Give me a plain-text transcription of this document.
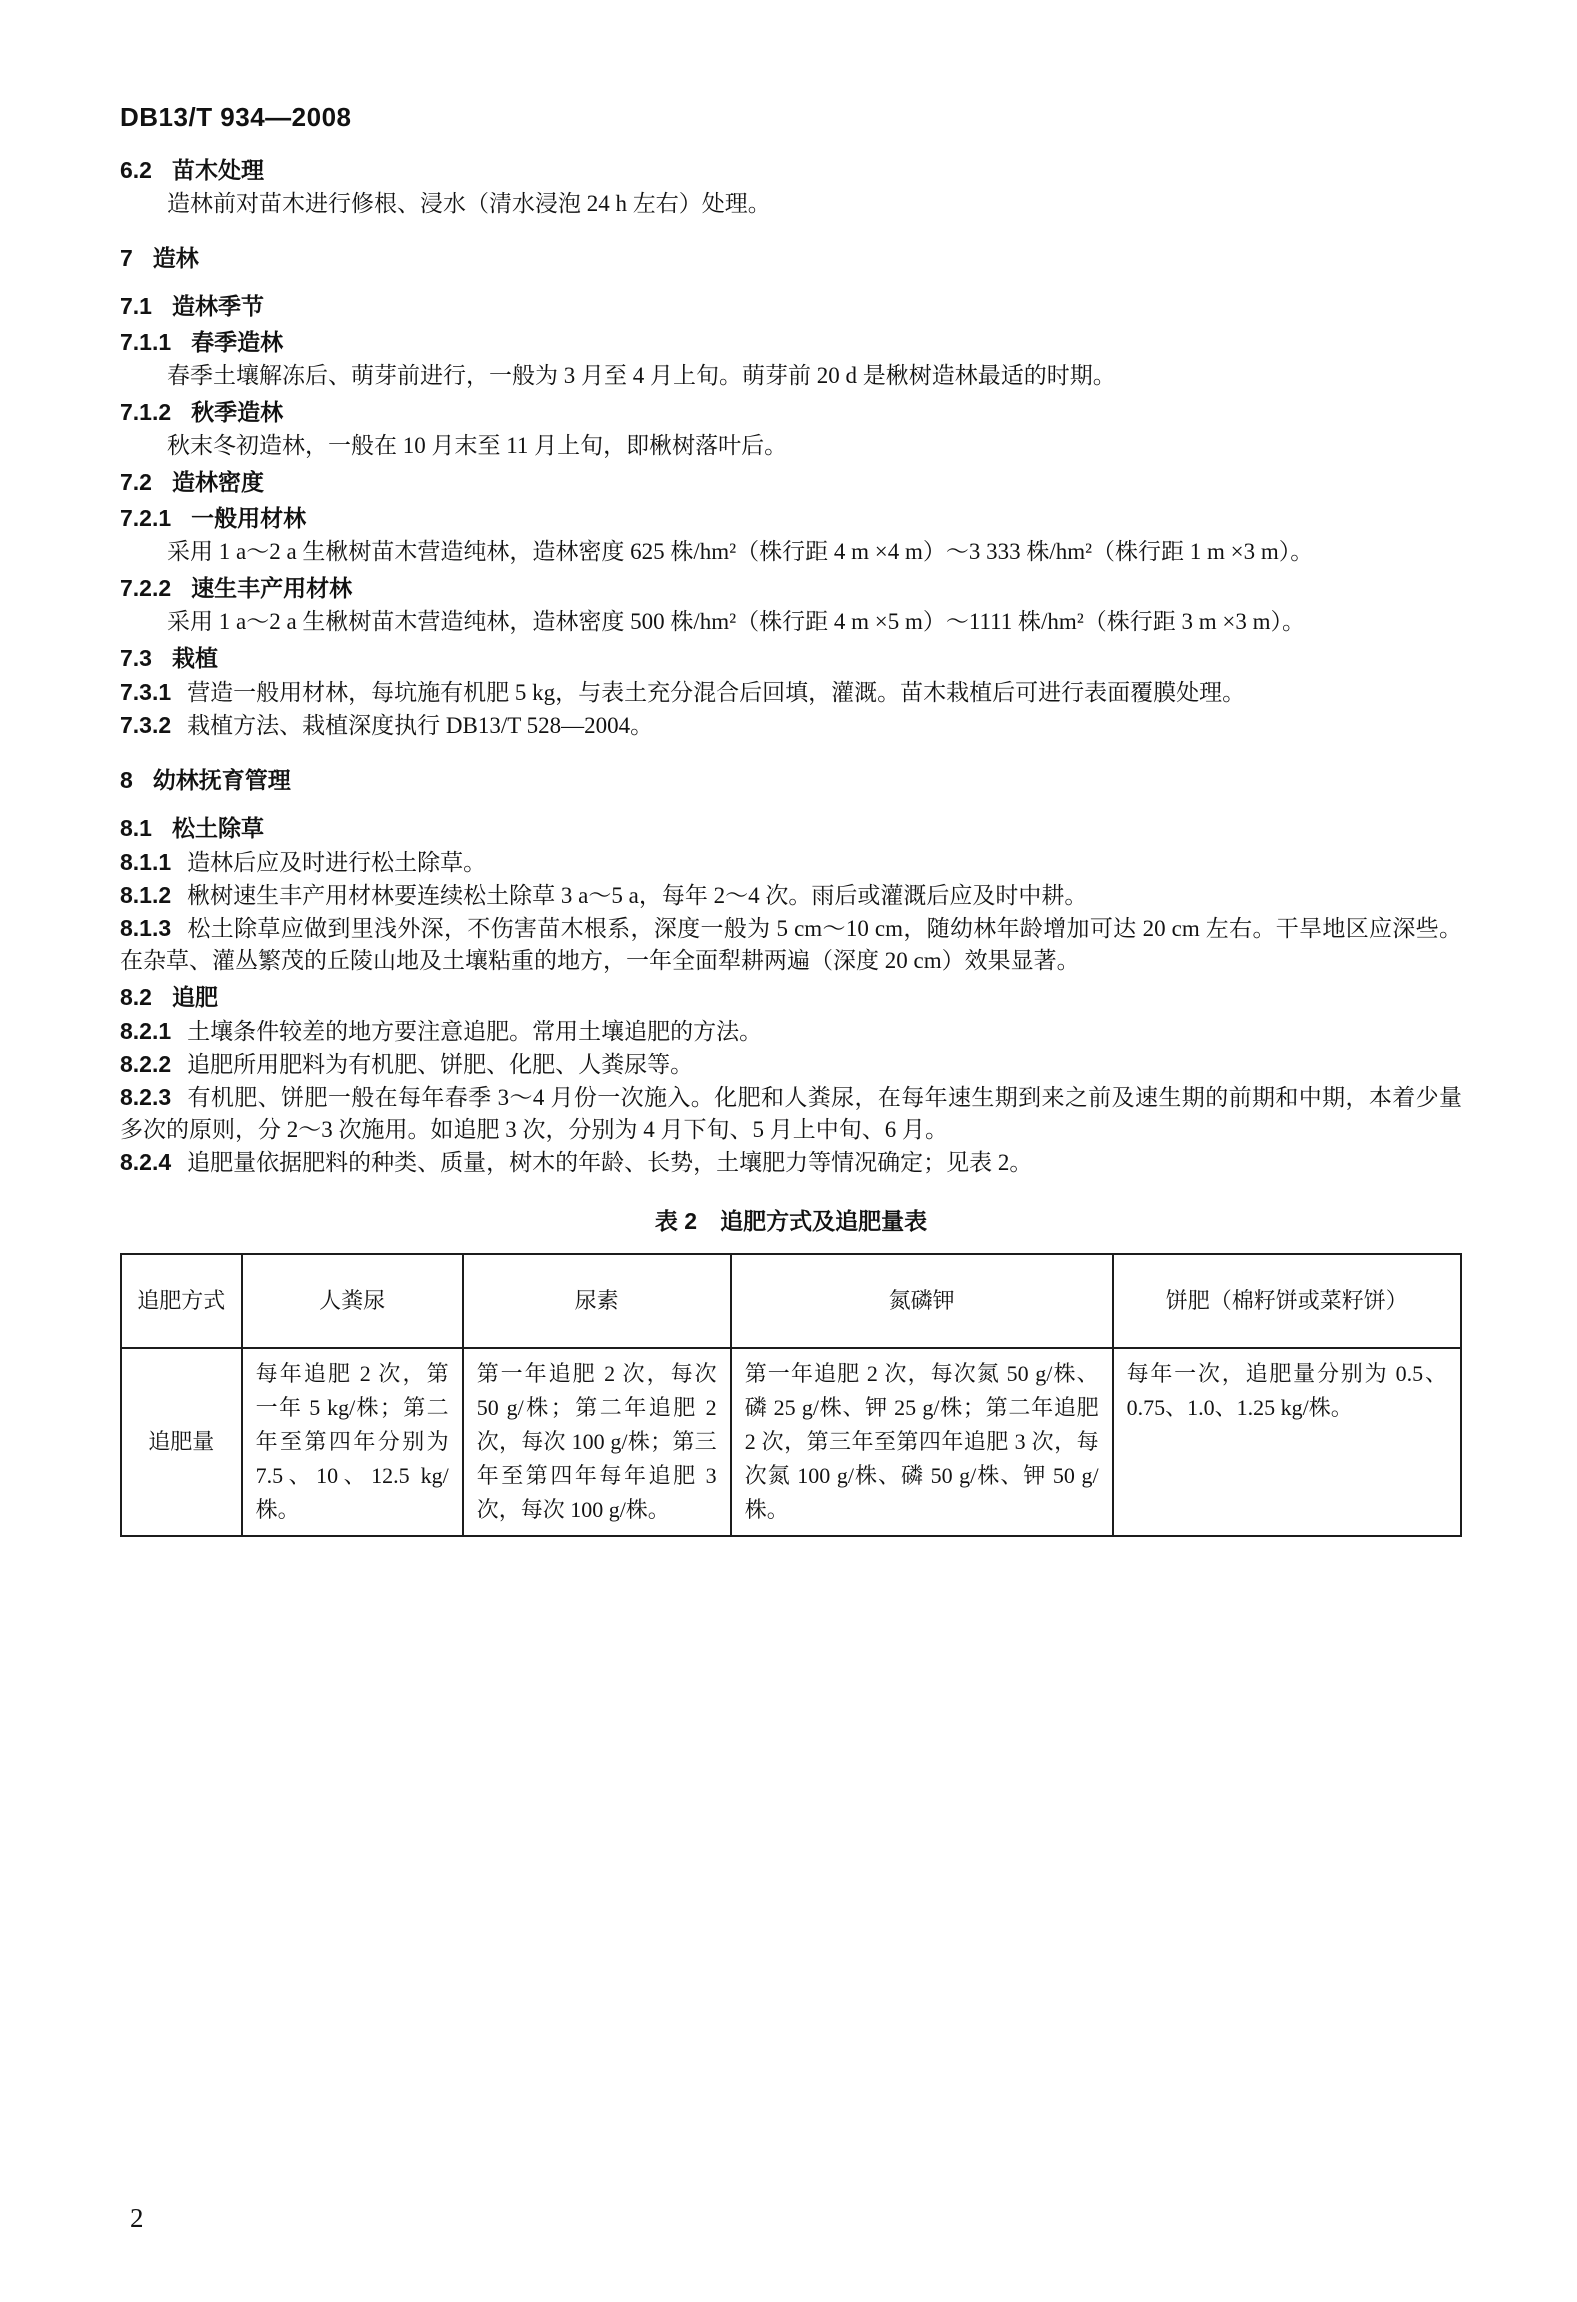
DB13/T 934—2008
6.2 苗木处理

造林前对苗木进行修根、浸水（清水浸泡 24 h 左右）处理。

7 造林
7.1 造林季节
7.1.1 春季造林

春季土壤解冻后、萌芽前进行，一般为 3 月至 4 月上旬。萌芽前 20 d 是楸树造林最适的时期。

7.1.2 秋季造林

秋末冬初造林，一般在 10 月末至 11 月上旬，即楸树落叶后。

7.2 造林密度
7.2.1 一般用材林

采用 1 a～2 a 生楸树苗木营造纯林，造林密度 625 株/hm²（株行距 4 m ×4 m）～3 333 株/hm²（株行距 1 m ×3 m）。

7.2.2 速生丰产用材林

采用 1 a～2 a 生楸树苗木营造纯林，造林密度 500 株/hm²（株行距 4 m ×5 m）～1111 株/hm²（株行距 3 m ×3 m）。

7.3 栽植

7.3.1 营造一般用材林，每坑施有机肥 5 kg，与表土充分混合后回填，灌溉。苗木栽植后可进行表面覆膜处理。

7.3.2 栽植方法、栽植深度执行 DB13/T 528—2004。

8 幼林抚育管理
8.1 松土除草

8.1.1 造林后应及时进行松土除草。

8.1.2 楸树速生丰产用材林要连续松土除草 3 a～5 a，每年 2～4 次。雨后或灌溉后应及时中耕。

8.1.3 松土除草应做到里浅外深，不伤害苗木根系，深度一般为 5 cm～10 cm，随幼林年龄增加可达 20 cm 左右。干旱地区应深些。在杂草、灌丛繁茂的丘陵山地及土壤粘重的地方，一年全面犁耕两遍（深度 20 cm）效果显著。

8.2 追肥

8.2.1 土壤条件较差的地方要注意追肥。常用土壤追肥的方法。

8.2.2 追肥所用肥料为有机肥、饼肥、化肥、人粪尿等。

8.2.3 有机肥、饼肥一般在每年春季 3～4 月份一次施入。化肥和人粪尿，在每年速生期到来之前及速生期的前期和中期，本着少量多次的原则，分 2～3 次施用。如追肥 3 次，分别为 4 月下旬、5 月上中旬、6 月。

8.2.4 追肥量依据肥料的种类、质量，树木的年龄、长势，土壤肥力等情况确定；见表 2。

表 2　追肥方式及追肥量表
追肥方式	人粪尿	尿素	氮磷钾	饼肥（棉籽饼或菜籽饼）
追肥量	每年追肥 2 次，第一年 5 kg/株；第二年至第四年分别为 7.5、10、12.5 kg/株。	第一年追肥 2 次，每次 50 g/株；第二年追肥 2 次，每次 100 g/株；第三年至第四年每年追肥 3 次，每次 100 g/株。	第一年追肥 2 次，每次氮 50 g/株、磷 25 g/株、钾 25 g/株；第二年追肥 2 次，第三年至第四年追肥 3 次，每次氮 100 g/株、磷 50 g/株、钾 50 g/株。	每年一次，追肥量分别为 0.5、0.75、1.0、1.25 kg/株。
2
